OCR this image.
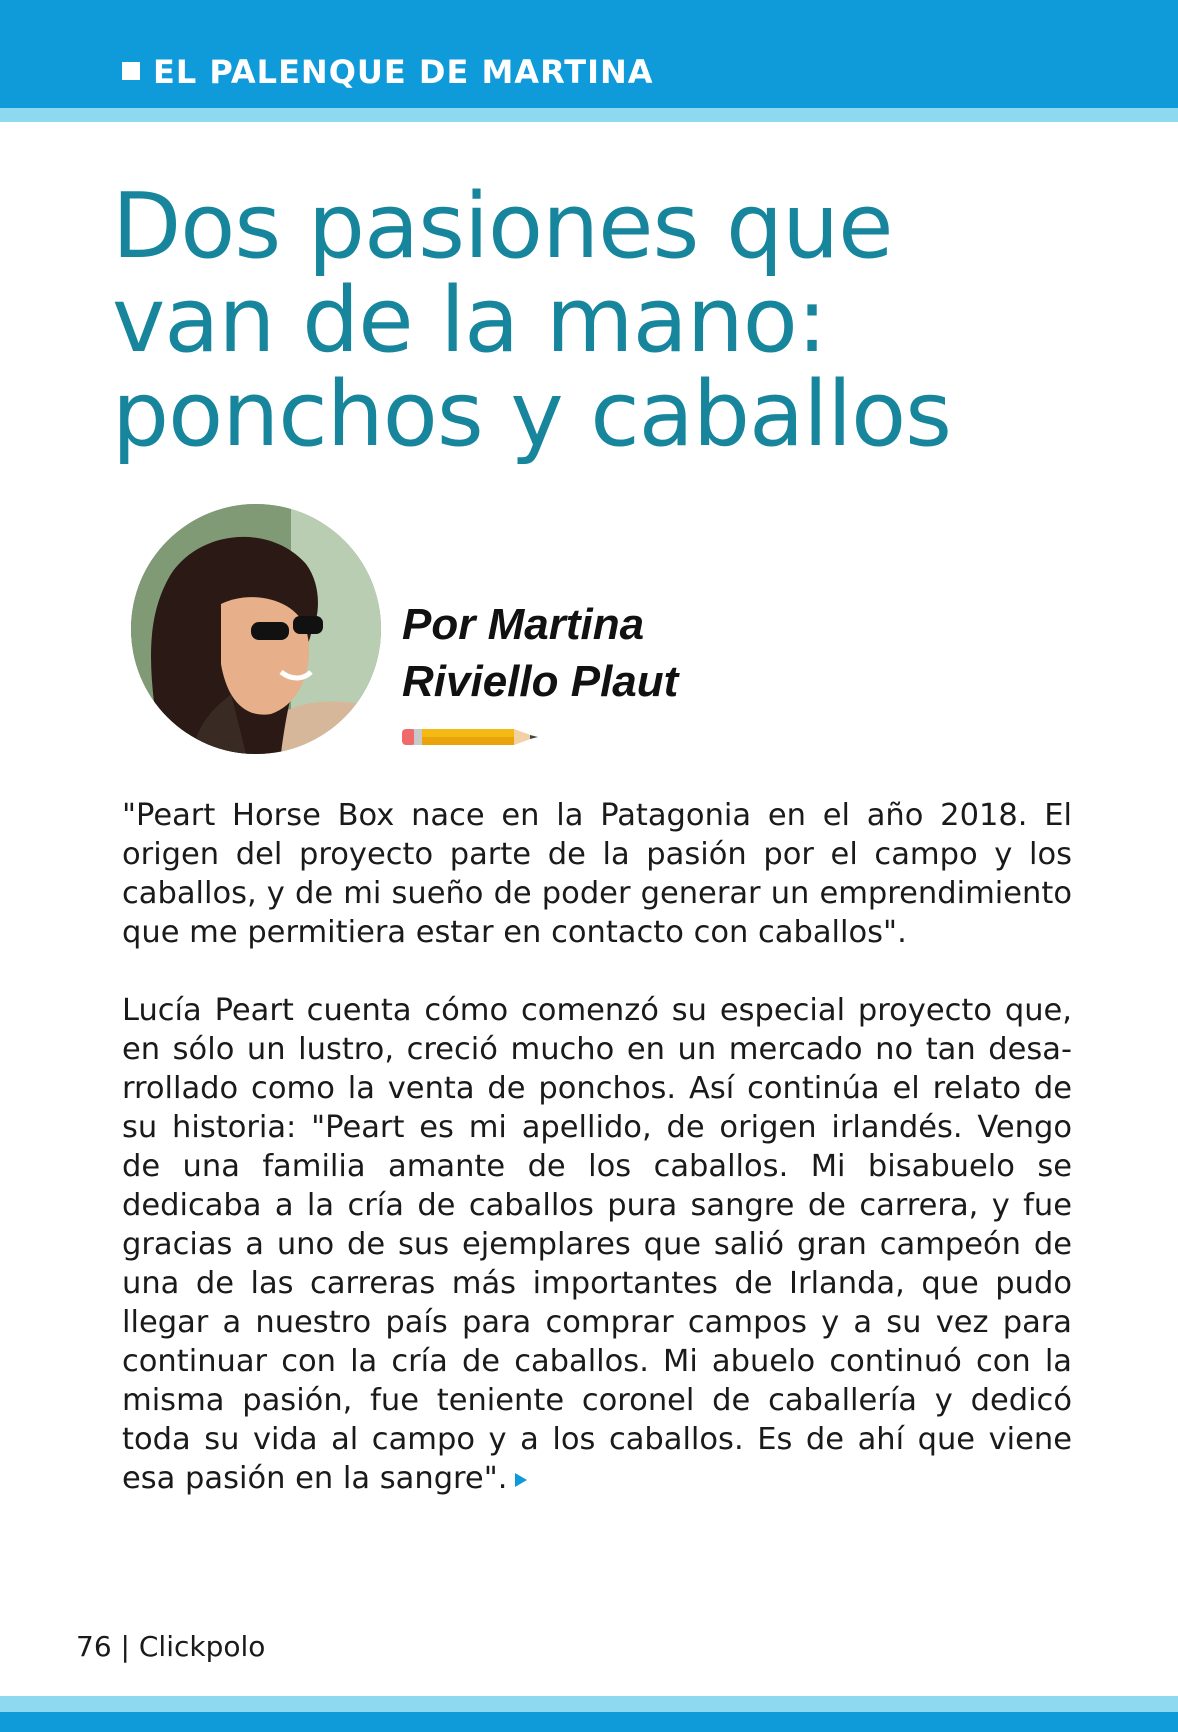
EL PALENQUE DE MARTINA
Dos pasiones que
van de la mano:
ponchos y caballos
Por Martina
Riviello Plaut

"Peart Horse Box nace en la Patagonia en el año 2018. El origen del proyecto parte de la pasión por el campo y los caballos, y de mi sueño de poder generar un emprendimiento que me permitiera estar en contacto con caballos".

Lucía Peart cuenta cómo comenzó su especial proyecto que, en sólo un lustro, creció mucho en un mercado no tan desarrollado como la venta de ponchos. Así continúa el relato de su historia: "Peart es mi apellido, de origen irlandés. Vengo de una familia amante de los caballos. Mi bisabuelo se dedicaba a la cría de caballos pura sangre de carrera, y fue gracias a uno de sus ejemplares que salió gran campeón de una de las carreras más importantes de Irlanda, que pudo llegar a nuestro país para comprar campos y a su vez para continuar con la cría de caballos. Mi abuelo continuó con la misma pasión, fue teniente coronel de caballería y dedicó toda su vida al campo y a los caballos. Es de ahí que viene esa pasión en la sangre".

76 | Clickpolo
